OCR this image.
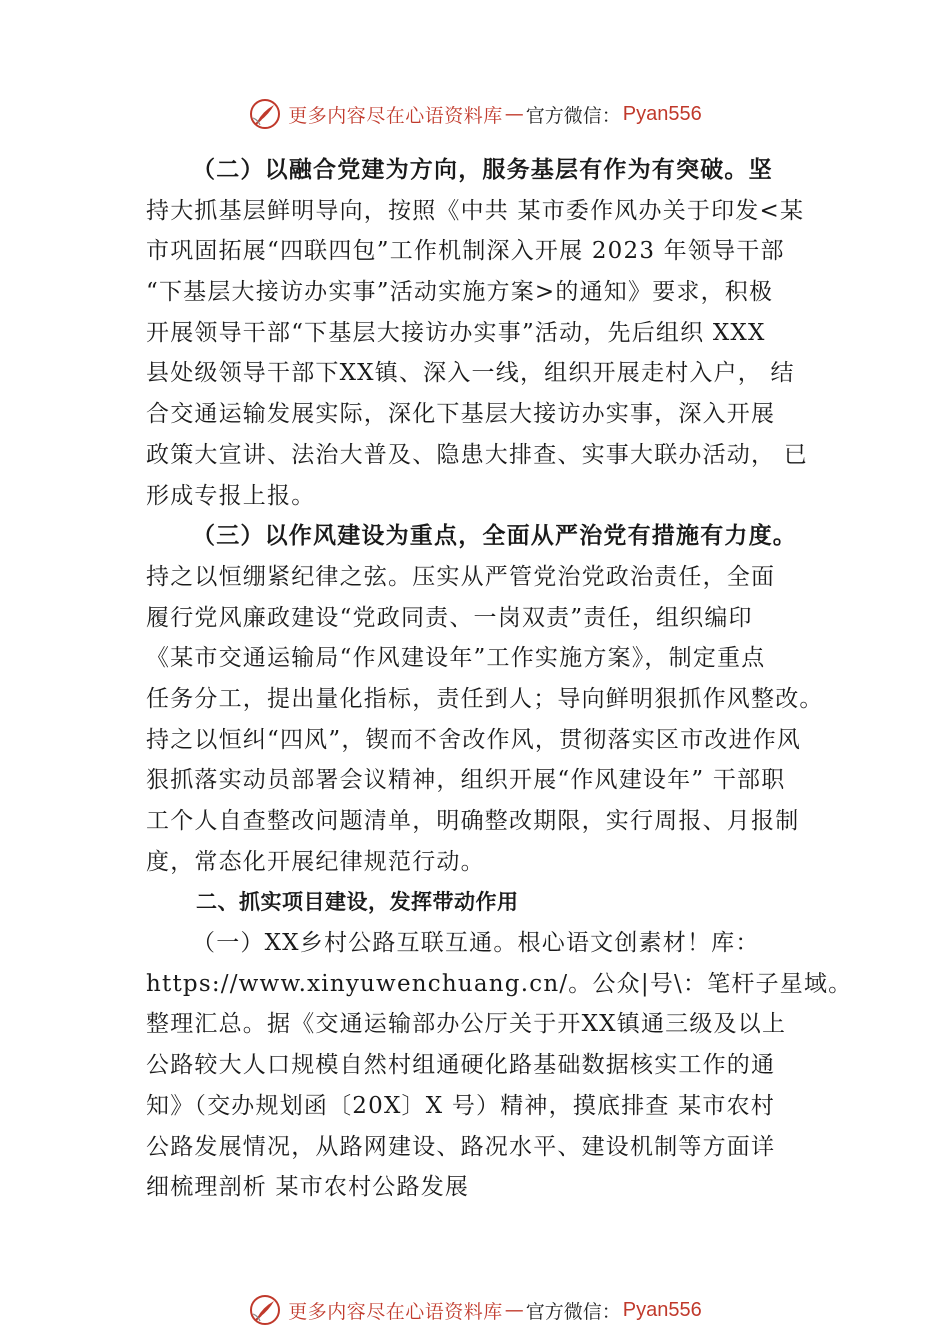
更多内容尽在心语资料库 — 官方微信： Pyan556
（二）以融合党建为方向，服务基层有作为有突破。坚
持大抓基层鲜明导向，按照《中共 某市委作风办关于印发<某
市巩固拓展“四联四包”工作机制深入开展 2023 年领导干部
“下基层大接访办实事”活动实施方案>的通知》要求，积极
开展领导干部“下基层大接访办实事”活动，先后组织 XXX
县处级领导干部下XX镇、深入一线，组织开展走村入户， 结
合交通运输发展实际，深化下基层大接访办实事，深入开展
政策大宣讲、法治大普及、隐患大排查、实事大联办活动， 已
形成专报上报。
（三）以作风建设为重点，全面从严治党有措施有力度。
持之以恒绷紧纪律之弦。压实从严管党治党政治责任，全面
履行党风廉政建设“党政同责、一岗双责”责任，组织编印
《某市交通运输局“作风建设年”工作实施方案》，制定重点
任务分工，提出量化指标，责任到人；导向鲜明狠抓作风整改。
持之以恒纠“四风”，锲而不舍改作风，贯彻落实区市改进作风
狠抓落实动员部署会议精神，组织开展“作风建设年” 干部职
工个人自查整改问题清单，明确整改期限，实行周报、月报制
度，常态化开展纪律规范行动。
二、抓实项目建设，发挥带动作用
（一）XX乡村公路互联互通。根心语文创素材！库：
https://www.xinyuwenchuang.cn/。公众|号\：笔杆子星域。
整理汇总。据《交通运输部办公厅关于开XX镇通三级及以上
公路较大人口规模自然村组通硬化路基础数据核实工作的通
知》（交办规划函〔20X〕X 号）精神，摸底排查 某市农村
公路发展情况，从路网建设、路况水平、建设机制等方面详
细梳理剖析 某市农村公路发展
更多内容尽在心语资料库 — 官方微信： Pyan556
